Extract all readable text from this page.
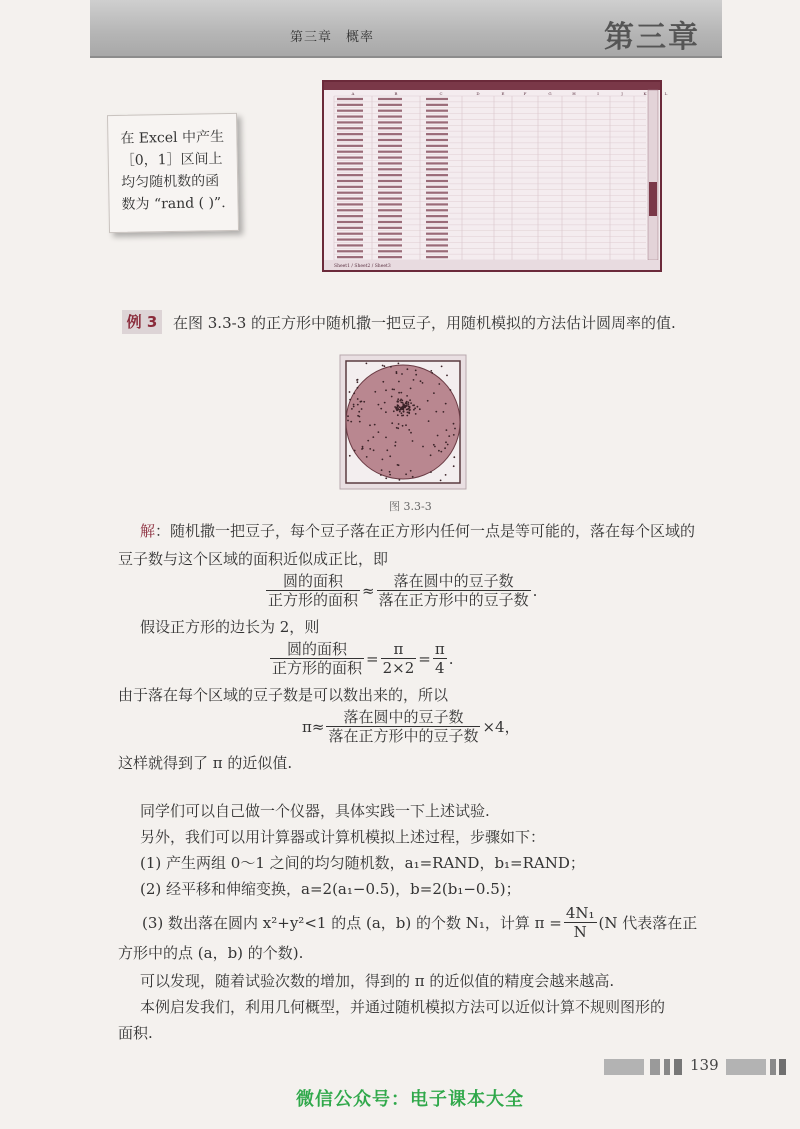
第三章　概率	第三章
在 Excel 中产生［0，1］区间上均匀随机数的函数为 “rand ( )”.
A	B	C	D	E	F	G	H	I	J	K	L
Sheet1 / Sheet2 / Sheet3
例 3	在图 3.3-3 的正方形中随机撒一把豆子，用随机模拟的方法估计圆周率的值.
图 3.3-3
解：随机撒一把豆子，每个豆子落在正方形内任何一点是等可能的，落在每个区域的
豆子数与这个区域的面积近似成正比，即
$\frac{\text{圆的面积}}{\text{正方形的面积}} \approx \frac{\text{落在圆中的豆子数}}{\text{落在正方形中的豆子数}}$ .
假设正方形的边长为 2，则
$\frac{\text{圆的面积}}{\text{正方形的面积}} = \frac{\pi}{2\times 2} = \frac{\pi}{4}$ .
由于落在每个区域的豆子数是可以数出来的，所以
$\pi\approx \frac{\text{落在圆中的豆子数}}{\text{落在正方形中的豆子数}} \times 4$，
这样就得到了 π 的近似值.
同学们可以自己做一个仪器，具体实践一下上述试验.
另外，我们可以用计算器或计算机模拟上述过程，步骤如下：
(1) 产生两组 0～1 之间的均匀随机数，a₁=RAND，b₁=RAND；
(2) 经平移和伸缩变换，a=2(a₁−0.5)，b=2(b₁−0.5)；
(3) 数出落在圆内 x²+y²<1 的点 (a，b) 的个数 N₁，计算 $\pi = \frac{\text{4N₁}}{N} (N$ 代表落在正
方形中的点 (a，b) 的个数).
可以发现，随着试验次数的增加，得到的 π 的近似值的精度会越来越高.
本例启发我们，利用几何概型，并通过随机模拟方法可以近似计算不规则图形的
面积.
139
微信公众号：电子课本大全
